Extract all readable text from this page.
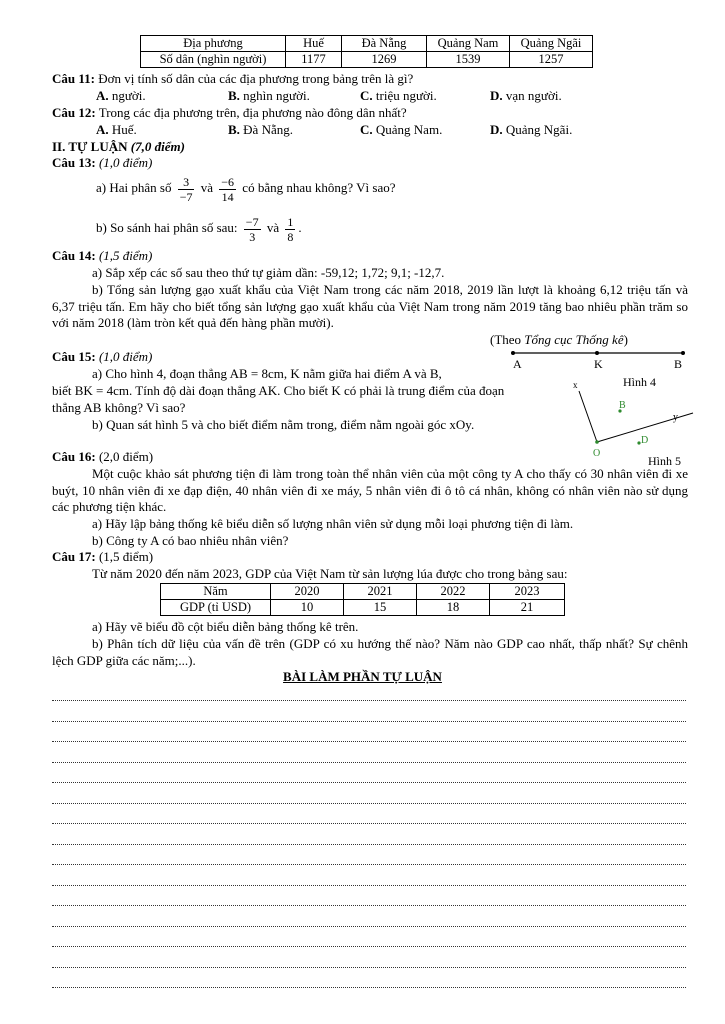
Địa phương	Huế	Đà Nẵng	Quảng Nam	Quảng Ngãi
Số dân (nghìn người)	1177	1269	1539	1257
Câu 11: Đơn vị tính số dân của các địa phương trong bảng trên là gì?
A. người.	B. nghìn người.	C. triệu người.	D. vạn người.
Câu 12: Trong các địa phương trên, địa phương nào đông dân nhất?
A. Huế.	B. Đà Nẵng.	C. Quảng Nam.	D. Quảng Ngãi.
II. TỰ LUẬN (7,0 điểm)
Câu 13: (1,0 điểm)
a) Hai phân số $\frac{3}{-7}$ và $\frac{-6}{14}$ có bằng nhau không? Vì sao?
b) So sánh hai phân số sau: $\frac{-7}{3}$ và $\frac{1}{8}$ .
Câu 14: (1,5 điểm)
a) Sắp xếp các số sau theo thứ tự giảm dần: -59,12; 1,72; 9,1; -12,7.
b) Tổng sản lượng gạo xuất khẩu của Việt Nam trong các năm 2018, 2019 lần lượt là khoảng 6,12 triệu tấn và 6,37 triệu tấn. Em hãy cho biết tổng sản lượng gạo xuất khẩu của Việt Nam trong năm 2019 tăng bao nhiêu phần trăm so với năm 2018 (làm tròn kết quả đến hàng phần mười).
(Theo Tổng cục Thống kê)
Câu 15: (1,0 điểm)
a) Cho hình 4, đoạn thẳng AB = 8cm, K nằm giữa hai điểm A và B,
biết BK = 4cm. Tính độ dài đoạn thẳng AK. Cho biết K có phải là trung điểm của đoạn
thẳng AB không? Vì sao?
b) Quan sát hình 5 và cho biết điểm nằm trong, điểm nằm ngoài góc xOy.
A	K	B
Hình 4
x
y
O
B
D
Hình 5
Câu 16: (2,0 điểm)
Một cuộc khảo sát phương tiện đi làm trong toàn thể nhân viên của một công ty A cho thấy có 30 nhân viên đi xe buýt, 10 nhân viên đi xe đạp điện, 40 nhân viên đi xe máy, 5 nhân viên đi ô tô cá nhân, không có nhân viên nào sử dụng các phương tiện khác.
a) Hãy lập bảng thống kê biểu diễn số lượng nhân viên sử dụng mỗi loại phương tiện đi làm.
b) Công ty A có bao nhiêu nhân viên?
Câu 17: (1,5 điểm)
Từ năm 2020 đến năm 2023, GDP của Việt Nam từ sản lượng lúa được cho trong bảng sau:
Năm	2020	2021	2022	2023
GDP (tỉ USD)	10	15	18	21
a) Hãy vẽ biểu đồ cột biểu diễn bảng thống kê trên.
b) Phân tích dữ liệu của vấn đề trên (GDP có xu hướng thế nào? Năm nào GDP cao nhất, thấp nhất? Sự chênh lệch GDP giữa các năm;...).
BÀI LÀM PHẦN TỰ LUẬN
